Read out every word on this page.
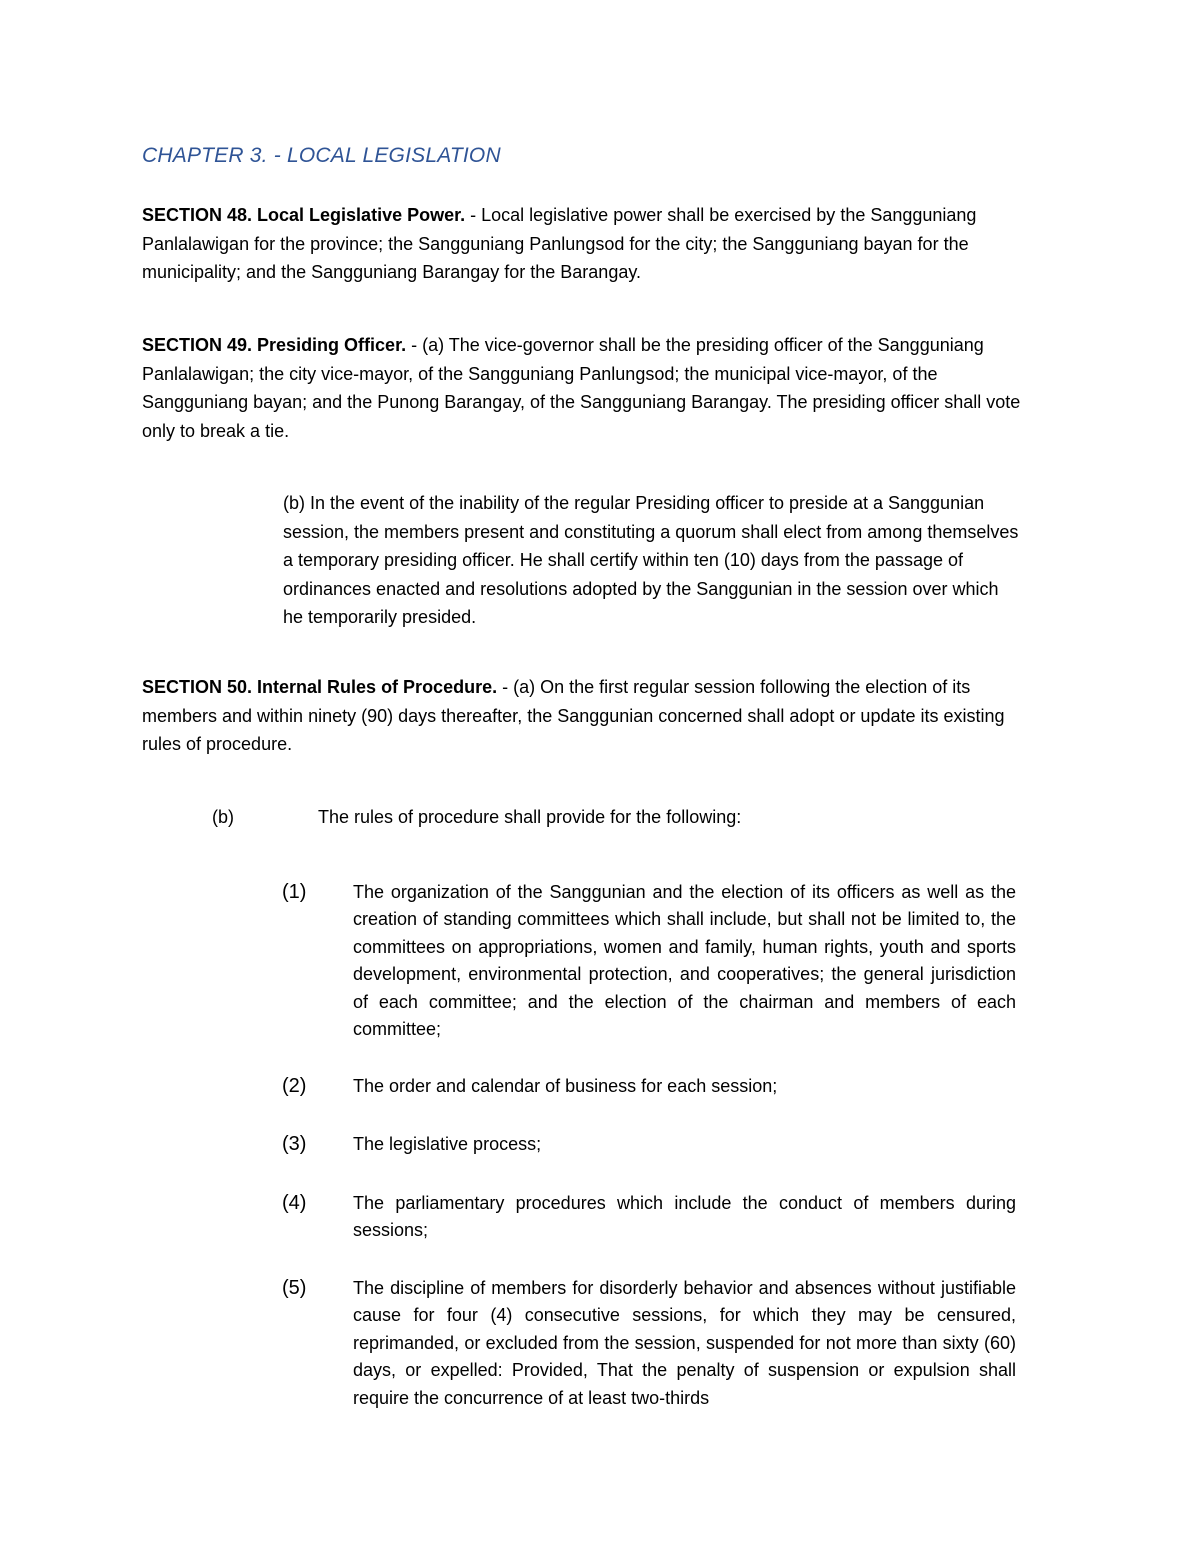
CHAPTER 3. - LOCAL LEGISLATION

SECTION 48. Local Legislative Power. - Local legislative power shall be exercised by the Sangguniang Panlalawigan for the province; the Sangguniang Panlungsod for the city; the Sangguniang bayan for the municipality; and the Sangguniang Barangay for the Barangay.

SECTION 49. Presiding Officer. - (a) The vice-governor shall be the presiding officer of the Sangguniang Panlalawigan; the city vice-mayor, of the Sangguniang Panlungsod; the municipal vice-mayor, of the Sangguniang bayan; and the Punong Barangay, of the Sangguniang Barangay. The presiding officer shall vote only to break a tie.

(b) In the event of the inability of the regular Presiding officer to preside at a Sanggunian session, the members present and constituting a quorum shall elect from among themselves a temporary presiding officer. He shall certify within ten (10) days from the passage of ordinances enacted and resolutions adopted by the Sanggunian in the session over which he temporarily presided.

SECTION 50. Internal Rules of Procedure. - (a) On the first regular session following the election of its members and within ninety (90) days thereafter, the Sanggunian concerned shall adopt or update its existing rules of procedure.

(b)	The rules of procedure shall provide for the following:
(1)	The organization of the Sanggunian and the election of its officers as well as the creation of standing committees which shall include, but shall not be limited to, the committees on appropriations, women and family, human rights, youth and sports development, environmental protection, and cooperatives; the general jurisdiction of each committee; and the election of the chairman and members of each committee;

(2)	The order and calendar of business for each session;

(3)	The legislative process;

(4)	The parliamentary procedures which include the conduct of members during sessions;

(5)	The discipline of members for disorderly behavior and absences without justifiable cause for four (4) consecutive sessions, for which they may be censured, reprimanded, or excluded from the session, suspended for not more than sixty (60) days, or expelled: Provided, That the penalty of suspension or expulsion shall require the concurrence of at least two-thirds
